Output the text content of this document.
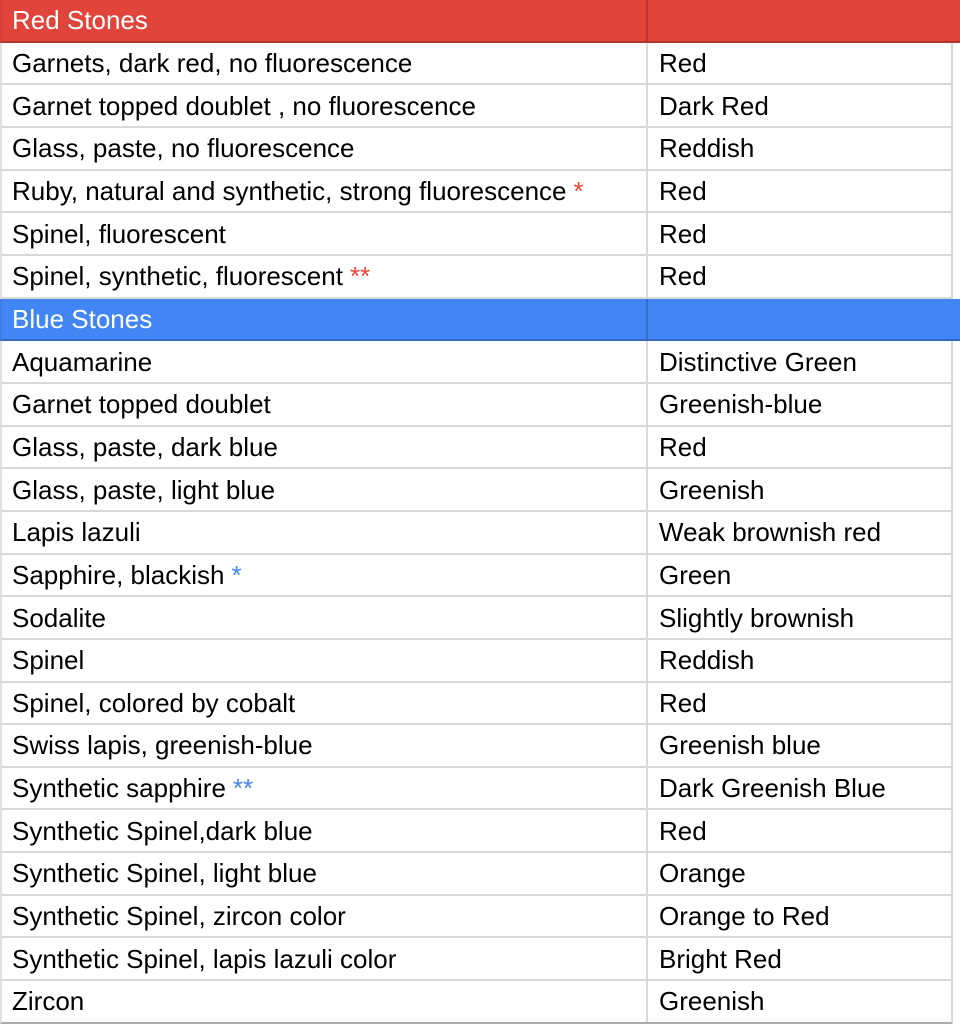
Red Stones
Garnets, dark red, no fluorescence	Red
Garnet topped doublet , no fluorescence	Dark Red
Glass, paste, no fluorescence	Reddish
Ruby, natural and synthetic, strong fluorescence *	Red
Spinel, fluorescent	Red
Spinel, synthetic, fluorescent **	Red
Blue Stones
Aquamarine	Distinctive Green
Garnet topped doublet	Greenish-blue
Glass, paste, dark blue	Red
Glass, paste, light blue	Greenish
Lapis lazuli	Weak brownish red
Sapphire, blackish *	Green
Sodalite	Slightly brownish
Spinel	Reddish
Spinel, colored by cobalt	Red
Swiss lapis, greenish-blue	Greenish blue
Synthetic sapphire **	Dark Greenish Blue
Synthetic Spinel,dark blue	Red
Synthetic Spinel, light blue	Orange
Synthetic Spinel, zircon color	Orange to Red
Synthetic Spinel, lapis lazuli color	Bright Red
Zircon	Greenish
